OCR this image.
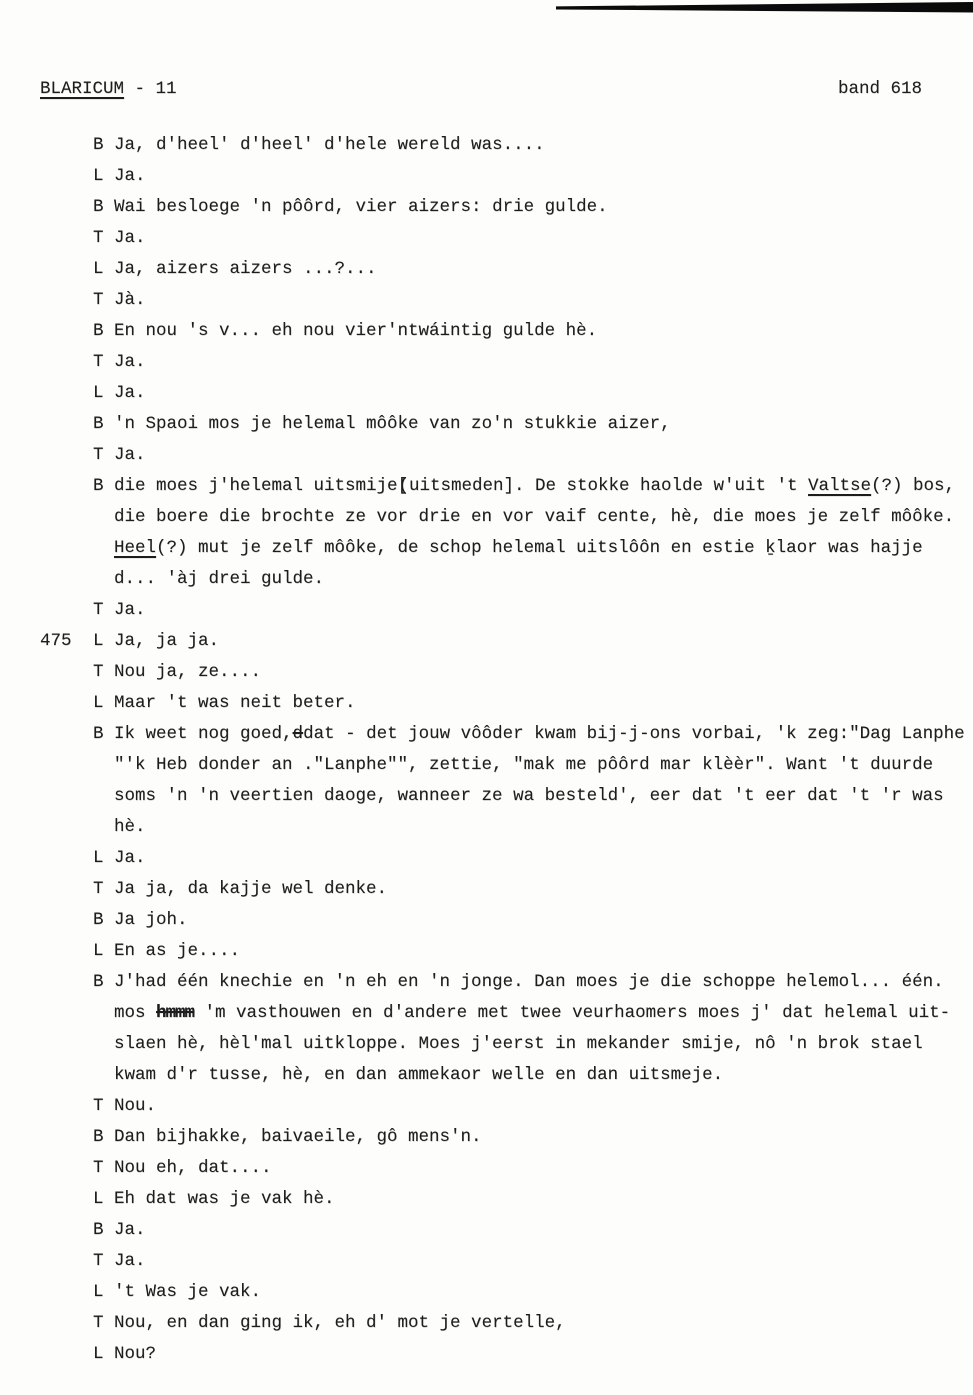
BLARICUM - 11	band 618
B Ja, d'heel' d'heel' d'hele wereld was....
L Ja.
B Wai besloege 'n pôôrd, vier aizers: drie gulde.
T Ja.
L Ja, aizers aizers ...?...
T Jà.
B En nou 's v... eh nou vier'ntwáintig gulde hè.
T Ja.
L Ja.
B 'n Spaoi mos je helemal môôke van zo'n stukkie aizer,
T Ja.
B die moes j'helemal uitsmije[( uitsmeden]. De stokke haolde w'uit 't Valtse(?) bos,
die boere die brochte ze vor drie en vor vaif cente, hè, die moes je zelf môôke.
Heel(?) mut je zelf môôke, de schop helemal uitslôôn en estie ḵlaor was hajje
d... 'àj drei gulde.
T Ja.
L Ja, ja ja.
T Nou ja, ze....
L Maar 't was neit beter.
B Ik weet nog goed,ddat - det jouw vôôder kwam bij-j-ons vorbai, 'k zeg:"Dag Lanphe
"'k Heb donder an ."Lanphe"", zettie, "mak me pôôrd mar klèèr". Want 't duurde
soms 'n 'n veertien daoge, wanneer ze wa besteld', eer dat 't eer dat 't 'r was
hè.
L Ja.
T Ja ja, da kajje wel denke.
B Ja joh.
L En as je....
B J'had één knechie en 'n eh en 'n jonge. Dan moes je die schoppe helemol... één.
mos hmmm 'm vasthouwen en d'andere met twee veurhaomers moes j' dat helemal uit-
slaen hè, hèl'mal uitkloppe. Moes j'eerst in mekander smije, nô 'n brok stael
kwam d'r tusse, hè, en dan ammekaor welle en dan uitsmeje.
T Nou.
B Dan bijhakke, baivaeile, gô mens'n.
T Nou eh, dat....
L Eh dat was je vak hè.
B Ja.
T Ja.
L 't Was je vak.
T Nou, en dan ging ik, eh d' mot je vertelle,
L Nou?
475
